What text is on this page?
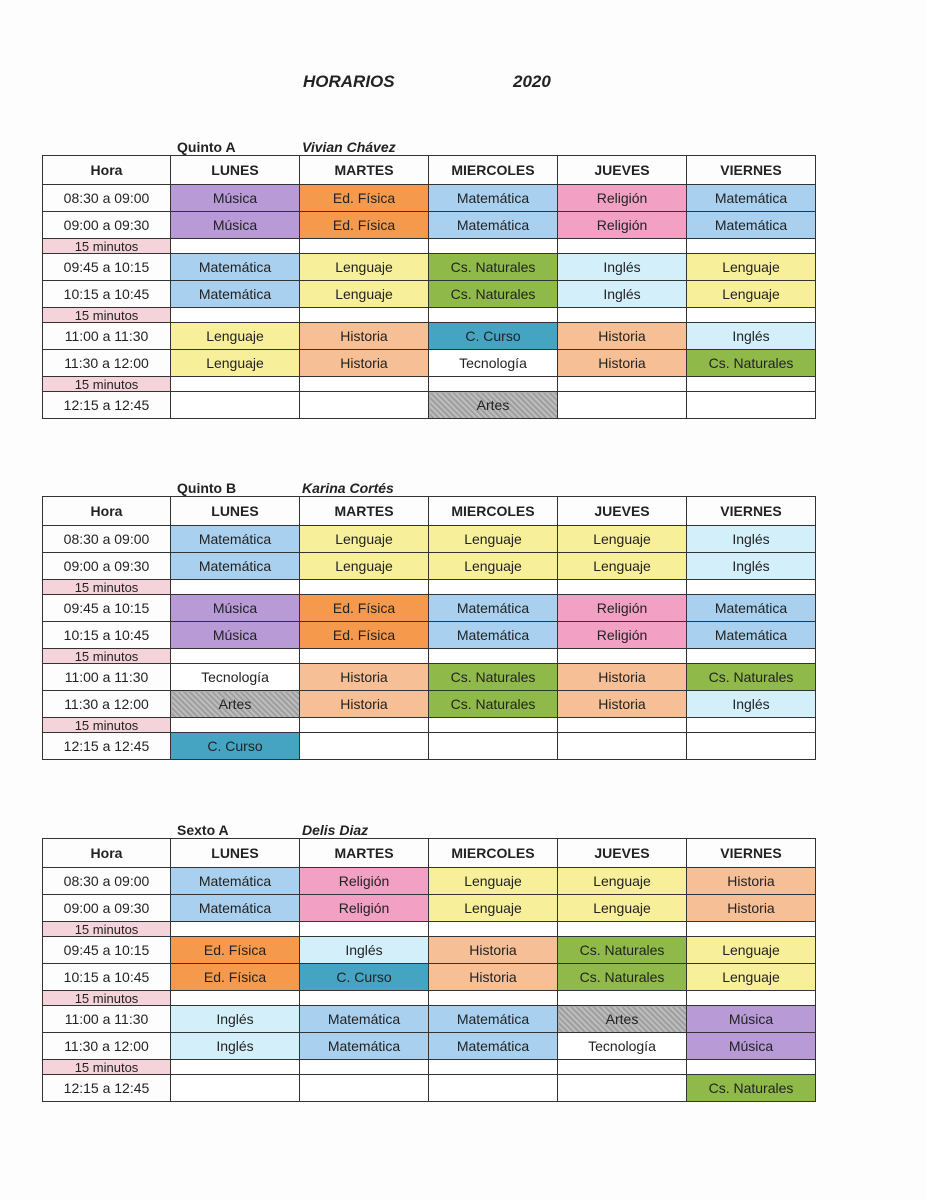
HORARIOS	2020
Quinto A	Vivian Chávez
Hora	LUNES	MARTES	MIERCOLES	JUEVES	VIERNES
08:30 a 09:00	Música	Ed. Física	Matemática	Religión	Matemática
09:00 a 09:30	Música	Ed. Física	Matemática	Religión	Matemática
15 minutos					
09:45 a 10:15	Matemática	Lenguaje	Cs. Naturales	Inglés	Lenguaje
10:15 a 10:45	Matemática	Lenguaje	Cs. Naturales	Inglés	Lenguaje
15 minutos					
11:00 a 11:30	Lenguaje	Historia	C. Curso	Historia	Inglés
11:30 a 12:00	Lenguaje	Historia	Tecnología	Historia	Cs. Naturales
15 minutos					
12:15 a 12:45			Artes		
Quinto B	Karina Cortés
Hora	LUNES	MARTES	MIERCOLES	JUEVES	VIERNES
08:30 a 09:00	Matemática	Lenguaje	Lenguaje	Lenguaje	Inglés
09:00 a 09:30	Matemática	Lenguaje	Lenguaje	Lenguaje	Inglés
15 minutos					
09:45 a 10:15	Música	Ed. Física	Matemática	Religión	Matemática
10:15 a 10:45	Música	Ed. Física	Matemática	Religión	Matemática
15 minutos					
11:00 a 11:30	Tecnología	Historia	Cs. Naturales	Historia	Cs. Naturales
11:30 a 12:00	Artes	Historia	Cs. Naturales	Historia	Inglés
15 minutos					
12:15 a 12:45	C. Curso				
Sexto A	Delis Diaz
Hora	LUNES	MARTES	MIERCOLES	JUEVES	VIERNES
08:30 a 09:00	Matemática	Religión	Lenguaje	Lenguaje	Historia
09:00 a 09:30	Matemática	Religión	Lenguaje	Lenguaje	Historia
15 minutos					
09:45 a 10:15	Ed. Física	Inglés	Historia	Cs. Naturales	Lenguaje
10:15 a 10:45	Ed. Física	C. Curso	Historia	Cs. Naturales	Lenguaje
15 minutos					
11:00 a 11:30	Inglés	Matemática	Matemática	Artes	Música
11:30 a 12:00	Inglés	Matemática	Matemática	Tecnología	Música
15 minutos					
12:15 a 12:45					Cs. Naturales
